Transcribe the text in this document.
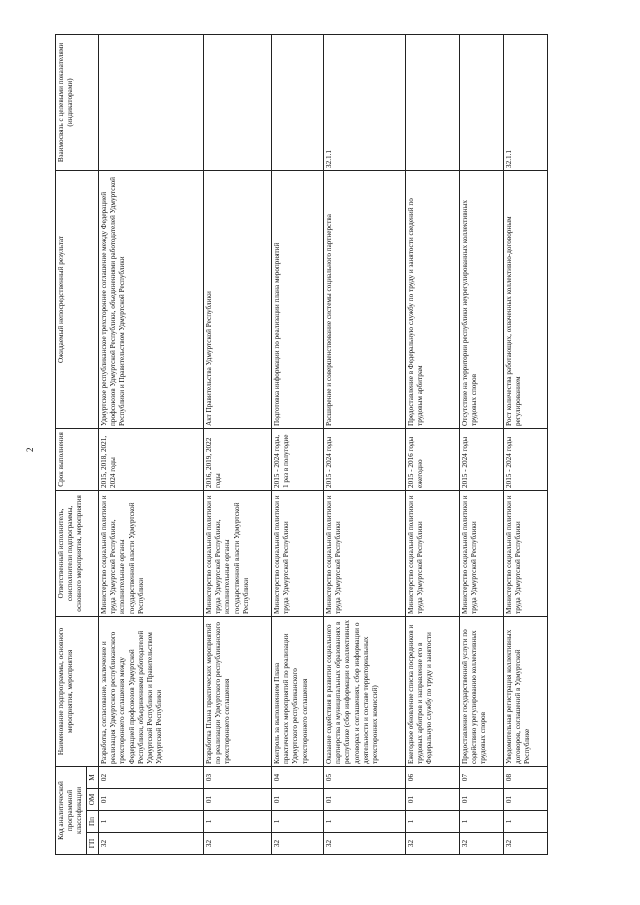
2
Код аналитической программной классификации				Наименование подпрограммы, основного мероприятия, мероприятия	Ответственный исполнитель, соисполнители подпрограммы, основного мероприятия, мероприятия	Срок выполнения	Ожидаемый непосредственный результат	Взаимосвязь с целевыми показателями (индикаторами)
ГП	Пп	ОМ	М					
32	1	01	02	Разработка, согласование, заключение и реализация Удмуртского республиканского трехстороннего соглашения между Федерацией профсоюзов Удмуртской Республики, объединениями работодателей Удмуртской Республики и Правительством Удмуртской Республики	Министерство социальной политики и труда Удмуртской Республики, исполнительные органы государственной власти Удмуртской Республики	2015, 2018, 2021, 2024 годы	Удмуртское республиканское трехстороннее соглашение между Федерацией профсоюзов Удмуртской Республики, объединениями работодателей Удмуртской Республики и Правительством Удмуртской Республики	
32	1	01	03	Разработка Плана практических мероприятий по реализации Удмуртского республиканского трехстороннего соглашения	Министерство социальной политики и труда Удмуртской Республики, исполнительные органы государственной власти Удмуртской Республики	2016, 2019, 2022 годы	Акт Правительства Удмуртской Республики	
32	1	01	04	Контроль за выполнением Плана практических мероприятий по реализации Удмуртского республиканского трехстороннего соглашения	Министерство социальной политики и труда Удмуртской Республики	2015 - 2024 годы, 1 раз в полугодие	Подготовка информации по реализации плана мероприятий	
32	1	01	05	Оказание содействия в развитии социального партнерства в муниципальных образованиях в республике (сбор информации о коллективных договорах и соглашениях, сбор информации о деятельности и составе территориальных трехсторонних комиссий)	Министерство социальной политики и труда Удмуртской Республики	2015 - 2024 годы	Расширение и совершенствование системы социального партнерства	32.1.1
32	1	01	06	Ежегодное обновление списка посредников и трудовых арбитров и направление его в Федеральную службу по труду и занятости	Министерство социальной политики и труда Удмуртской Республики	2015 - 2016 годы ежегодно	Предоставление в Федеральную службу по труду и занятости сведений по трудовым арбитрам	
32	1	01	07	Предоставление государственной услуги по содействию урегулированию коллективных трудовых споров	Министерство социальной политики и труда Удмуртской Республики	2015 - 2024 годы	Отсутствие на территории республики неурегулированных коллективных трудовых споров	
32	1	01	08	Уведомительная регистрация коллективных договоров, соглашений в Удмуртской Республике	Министерство социальной политики и труда Удмуртской Республики	2015 - 2024 годы	Рост количества работающих, охваченных коллективно-договорным регулированием	32.1.1
